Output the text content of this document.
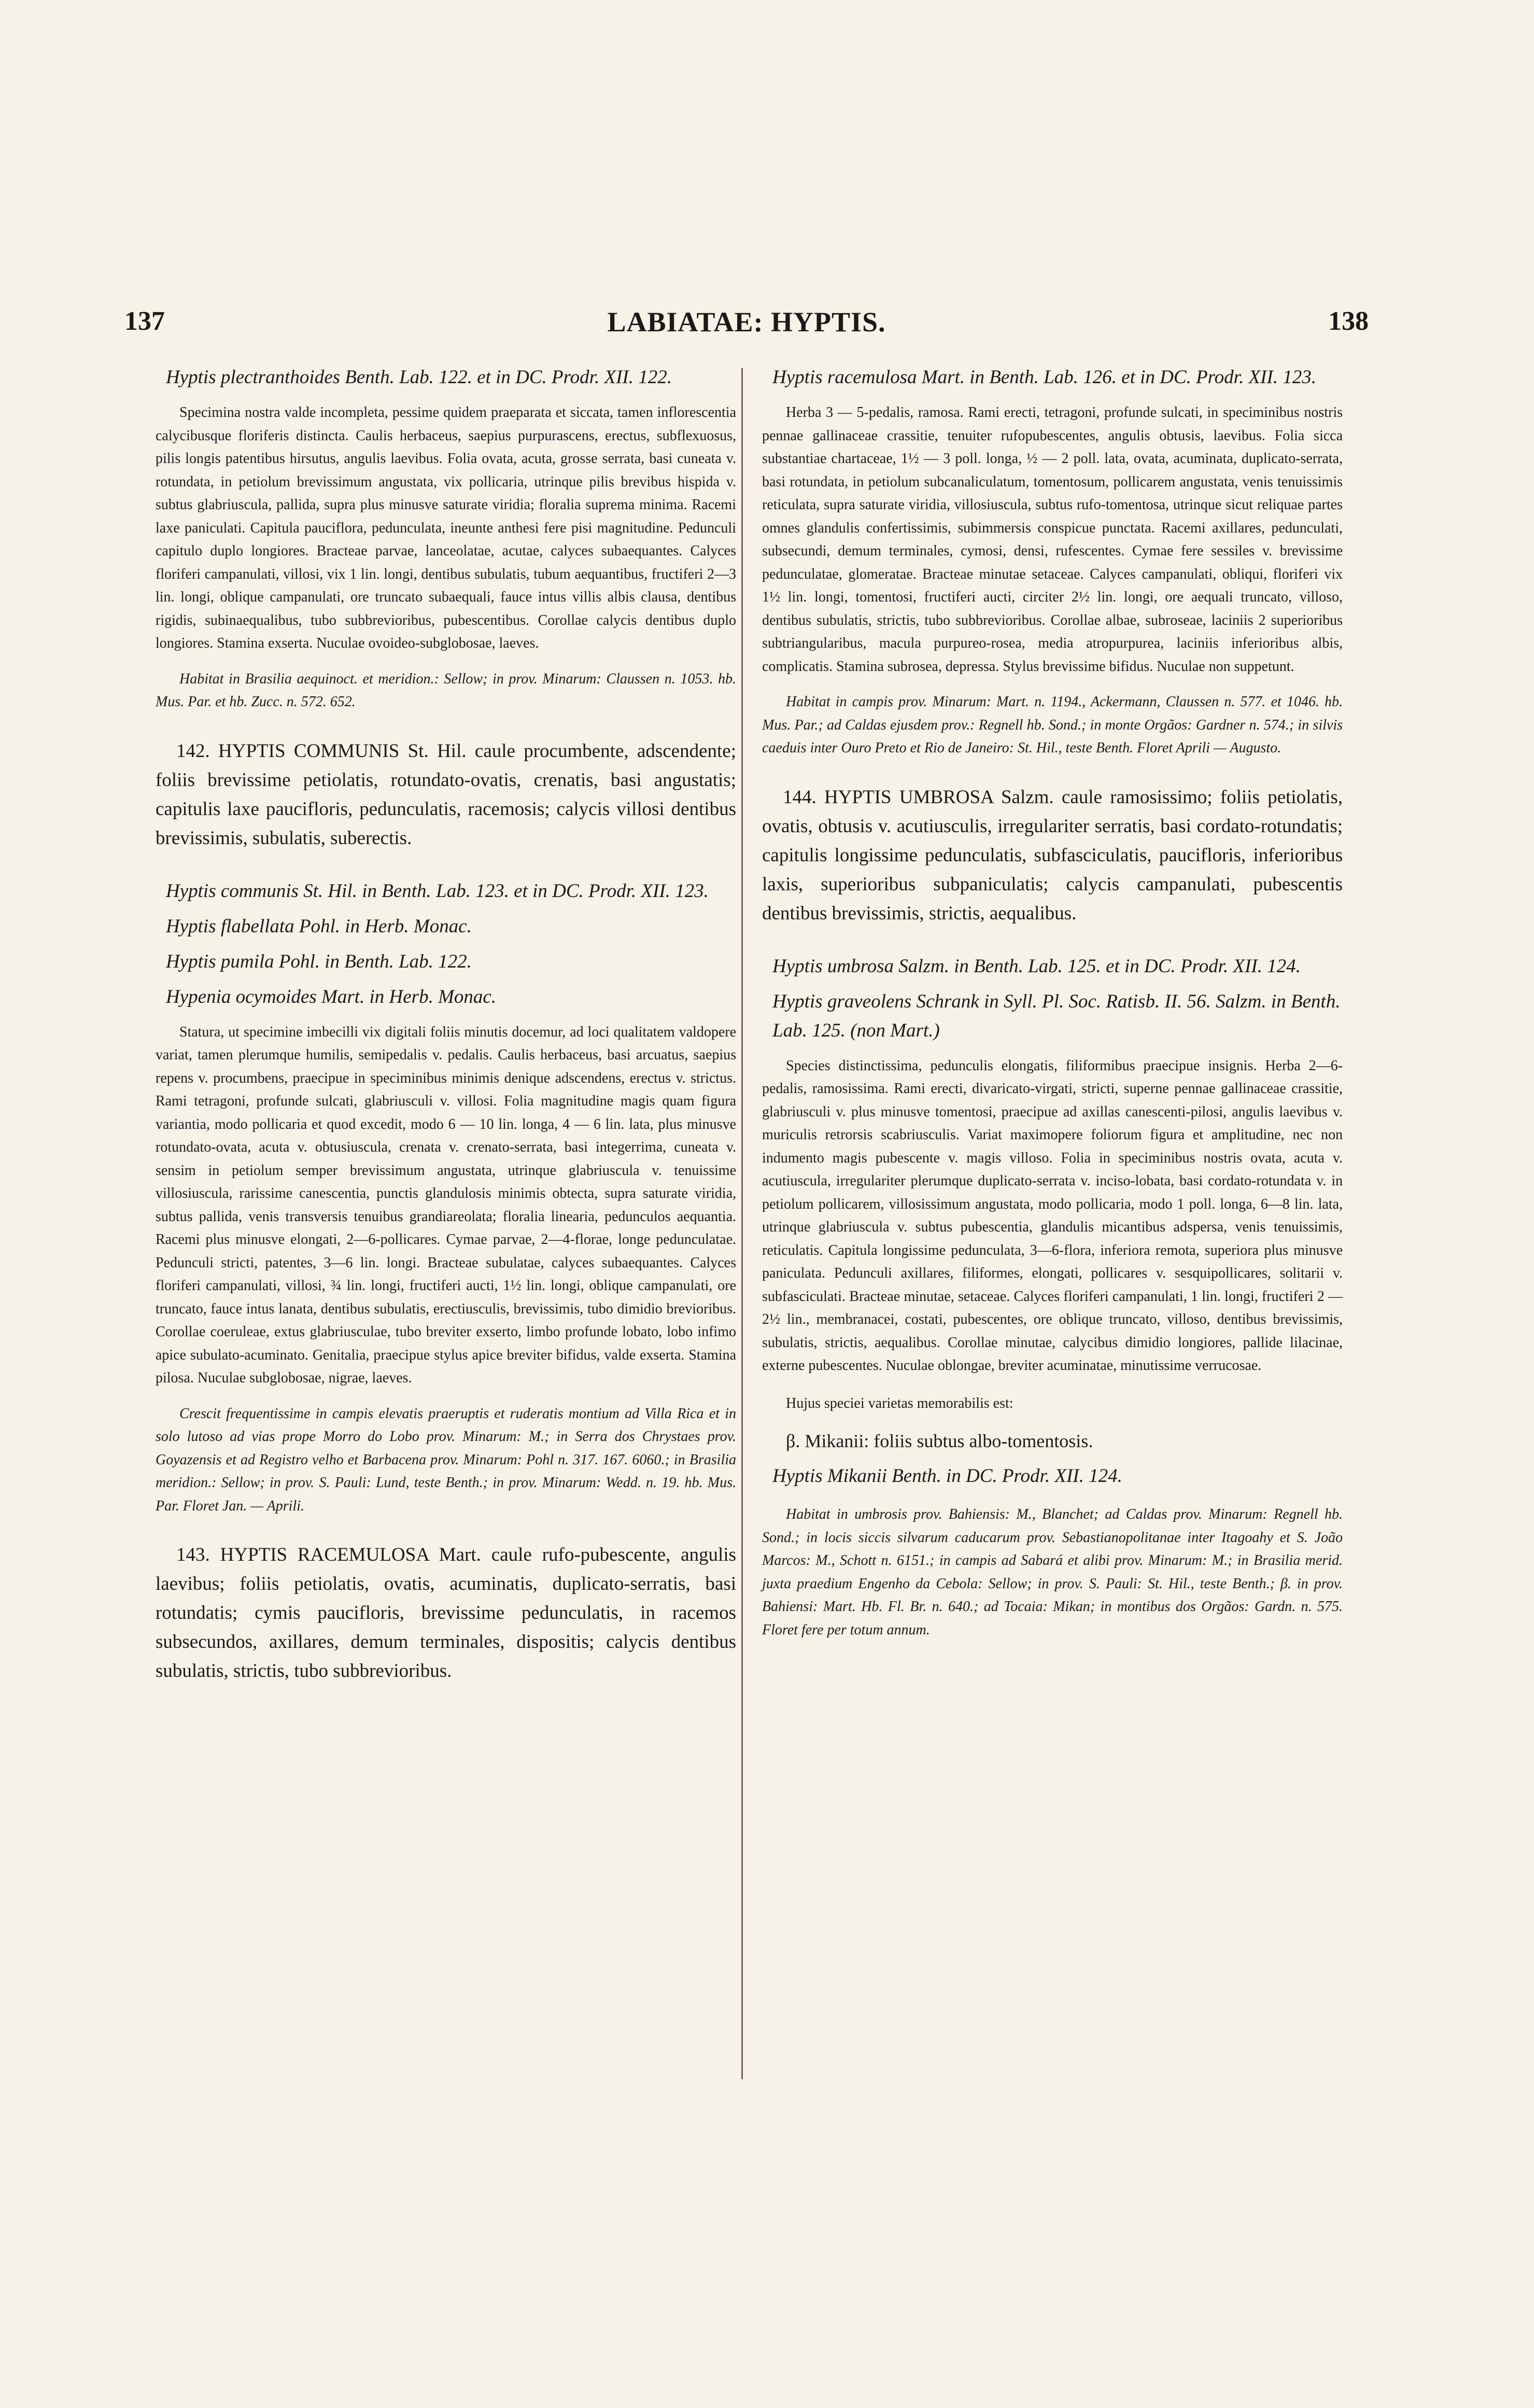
137	LABIATAE: HYPTIS.	138

Hyptis plectranthoides Benth. Lab. 122. et in DC. Prodr. XII. 122.

Specimina nostra valde incompleta, pessime quidem praeparata et siccata, tamen inflorescentia calycibusque floriferis distincta. Caulis herbaceus, saepius purpurascens, erectus, subflexuosus, pilis longis patentibus hirsutus, angulis laevibus. Folia ovata, acuta, grosse serrata, basi cuneata v. rotundata, in petiolum brevissimum angustata, vix pollicaria, utrinque pilis brevibus hispida v. subtus glabriuscula, pallida, supra plus minusve saturate viridia; floralia suprema minima. Racemi laxe paniculati. Capitula pauciflora, pedunculata, ineunte anthesi fere pisi magnitudine. Pedunculi capitulo duplo longiores. Bracteae parvae, lanceolatae, acutae, calyces subaequantes. Calyces floriferi campanulati, villosi, vix 1 lin. longi, dentibus subulatis, tubum aequantibus, fructiferi 2—3 lin. longi, oblique campanulati, ore truncato subaequali, fauce intus villis albis clausa, dentibus rigidis, subinaequalibus, tubo subbrevioribus, pubescentibus. Corollae calycis dentibus duplo longiores. Stamina exserta. Nuculae ovoideo-subglobosae, laeves.

Habitat in Brasilia aequinoct. et meridion.: Sellow; in prov. Minarum: Claussen n. 1053. hb. Mus. Par. et hb. Zucc. n. 572. 652.

142. HYPTIS COMMUNIS St. Hil. caule procumbente, adscendente; foliis brevissime petiolatis, rotundato-ovatis, crenatis, basi angustatis; capitulis laxe paucifloris, pedunculatis, racemosis; calycis villosi dentibus brevissimis, subulatis, suberectis.

Hyptis communis St. Hil. in Benth. Lab. 123. et in DC. Prodr. XII. 123.

Hyptis flabellata Pohl. in Herb. Monac.

Hyptis pumila Pohl. in Benth. Lab. 122.

Hypenia ocymoides Mart. in Herb. Monac.

Statura, ut specimine imbecilli vix digitali foliis minutis docemur, ad loci qualitatem valdopere variat, tamen plerumque humilis, semipedalis v. pedalis. Caulis herbaceus, basi arcuatus, saepius repens v. procumbens, praecipue in speciminibus minimis denique adscendens, erectus v. strictus. Rami tetragoni, profunde sulcati, glabriusculi v. villosi. Folia magnitudine magis quam figura variantia, modo pollicaria et quod excedit, modo 6 — 10 lin. longa, 4 — 6 lin. lata, plus minusve rotundato-ovata, acuta v. obtusiuscula, crenata v. crenato-serrata, basi integerrima, cuneata v. sensim in petiolum semper brevissimum angustata, utrinque glabriuscula v. tenuissime villosiuscula, rarissime canescentia, punctis glandulosis minimis obtecta, supra saturate viridia, subtus pallida, venis transversis tenuibus grandiareolata; floralia linearia, pedunculos aequantia. Racemi plus minusve elongati, 2—6-pollicares. Cymae parvae, 2—4-florae, longe pedunculatae. Pedunculi stricti, patentes, 3—6 lin. longi. Bracteae subulatae, calyces subaequantes. Calyces floriferi campanulati, villosi, ¾ lin. longi, fructiferi aucti, 1½ lin. longi, oblique campanulati, ore truncato, fauce intus lanata, dentibus subulatis, erectiusculis, brevissimis, tubo dimidio brevioribus. Corollae coeruleae, extus glabriusculae, tubo breviter exserto, limbo profunde lobato, lobo infimo apice subulato-acuminato. Genitalia, praecipue stylus apice breviter bifidus, valde exserta. Stamina pilosa. Nuculae subglobosae, nigrae, laeves.

Crescit frequentissime in campis elevatis praeruptis et ruderatis montium ad Villa Rica et in solo lutoso ad vias prope Morro do Lobo prov. Minarum: M.; in Serra dos Chrystaes prov. Goyazensis et ad Registro velho et Barbacena prov. Minarum: Pohl n. 317. 167. 6060.; in Brasilia meridion.: Sellow; in prov. S. Pauli: Lund, teste Benth.; in prov. Minarum: Wedd. n. 19. hb. Mus. Par. Floret Jan. — Aprili.

143. HYPTIS RACEMULOSA Mart. caule rufo-pubescente, angulis laevibus; foliis petiolatis, ovatis, acuminatis, duplicato-serratis, basi rotundatis; cymis paucifloris, brevissime pedunculatis, in racemos subsecundos, axillares, demum terminales, dispositis; calycis dentibus subulatis, strictis, tubo subbrevioribus.

Hyptis racemulosa Mart. in Benth. Lab. 126. et in DC. Prodr. XII. 123.

Herba 3 — 5-pedalis, ramosa. Rami erecti, tetragoni, profunde sulcati, in speciminibus nostris pennae gallinaceae crassitie, tenuiter rufopubescentes, angulis obtusis, laevibus. Folia sicca substantiae chartaceae, 1½ — 3 poll. longa, ½ — 2 poll. lata, ovata, acuminata, duplicato-serrata, basi rotundata, in petiolum subcanaliculatum, tomentosum, pollicarem angustata, venis tenuissimis reticulata, supra saturate viridia, villosiuscula, subtus rufo-tomentosa, utrinque sicut reliquae partes omnes glandulis confertissimis, subimmersis conspicue punctata. Racemi axillares, pedunculati, subsecundi, demum terminales, cymosi, densi, rufescentes. Cymae fere sessiles v. brevissime pedunculatae, glomeratae. Bracteae minutae setaceae. Calyces campanulati, obliqui, floriferi vix 1½ lin. longi, tomentosi, fructiferi aucti, circiter 2½ lin. longi, ore aequali truncato, villoso, dentibus subulatis, strictis, tubo subbrevioribus. Corollae albae, subroseae, laciniis 2 superioribus subtriangularibus, macula purpureo-rosea, media atropurpurea, laciniis inferioribus albis, complicatis. Stamina subrosea, depressa. Stylus brevissime bifidus. Nuculae non suppetunt.

Habitat in campis prov. Minarum: Mart. n. 1194., Ackermann, Claussen n. 577. et 1046. hb. Mus. Par.; ad Caldas ejusdem prov.: Regnell hb. Sond.; in monte Orgãos: Gardner n. 574.; in silvis caeduis inter Ouro Preto et Rio de Janeiro: St. Hil., teste Benth. Floret Aprili — Augusto.

144. HYPTIS UMBROSA Salzm. caule ramosissimo; foliis petiolatis, ovatis, obtusis v. acutiusculis, irregulariter serratis, basi cordato-rotundatis; capitulis longissime pedunculatis, subfasciculatis, paucifloris, inferioribus laxis, superioribus subpaniculatis; calycis campanulati, pubescentis dentibus brevissimis, strictis, aequalibus.

Hyptis umbrosa Salzm. in Benth. Lab. 125. et in DC. Prodr. XII. 124.

Hyptis graveolens Schrank in Syll. Pl. Soc. Ratisb. II. 56. Salzm. in Benth. Lab. 125. (non Mart.)

Species distinctissima, pedunculis elongatis, filiformibus praecipue insignis. Herba 2—6-pedalis, ramosissima. Rami erecti, divaricato-virgati, stricti, superne pennae gallinaceae crassitie, glabriusculi v. plus minusve tomentosi, praecipue ad axillas canescenti-pilosi, angulis laevibus v. muriculis retrorsis scabriusculis. Variat maximopere foliorum figura et amplitudine, nec non indumento magis pubescente v. magis villoso. Folia in speciminibus nostris ovata, acuta v. acutiuscula, irregulariter plerumque duplicato-serrata v. inciso-lobata, basi cordato-rotundata v. in petiolum pollicarem, villosissimum angustata, modo pollicaria, modo 1 poll. longa, 6—8 lin. lata, utrinque glabriuscula v. subtus pubescentia, glandulis micantibus adspersa, venis tenuissimis, reticulatis. Capitula longissime pedunculata, 3—6-flora, inferiora remota, superiora plus minusve paniculata. Pedunculi axillares, filiformes, elongati, pollicares v. sesquipollicares, solitarii v. subfasciculati. Bracteae minutae, setaceae. Calyces floriferi campanulati, 1 lin. longi, fructiferi 2 — 2½ lin., membranacei, costati, pubescentes, ore oblique truncato, villoso, dentibus brevissimis, subulatis, strictis, aequalibus. Corollae minutae, calycibus dimidio longiores, pallide lilacinae, externe pubescentes. Nuculae oblongae, breviter acuminatae, minutissime verrucosae.

Hujus speciei varietas memorabilis est:

β. Mikanii: foliis subtus albo-tomentosis.

Hyptis Mikanii Benth. in DC. Prodr. XII. 124.

Habitat in umbrosis prov. Bahiensis: M., Blanchet; ad Caldas prov. Minarum: Regnell hb. Sond.; in locis siccis silvarum caducarum prov. Sebastianopolitanae inter Itagoahy et S. João Marcos: M., Schott n. 6151.; in campis ad Sabará et alibi prov. Minarum: M.; in Brasilia merid. juxta praedium Engenho da Cebola: Sellow; in prov. S. Pauli: St. Hil., teste Benth.; β. in prov. Bahiensi: Mart. Hb. Fl. Br. n. 640.; ad Tocaia: Mikan; in montibus dos Orgãos: Gardn. n. 575. Floret fere per totum annum.
